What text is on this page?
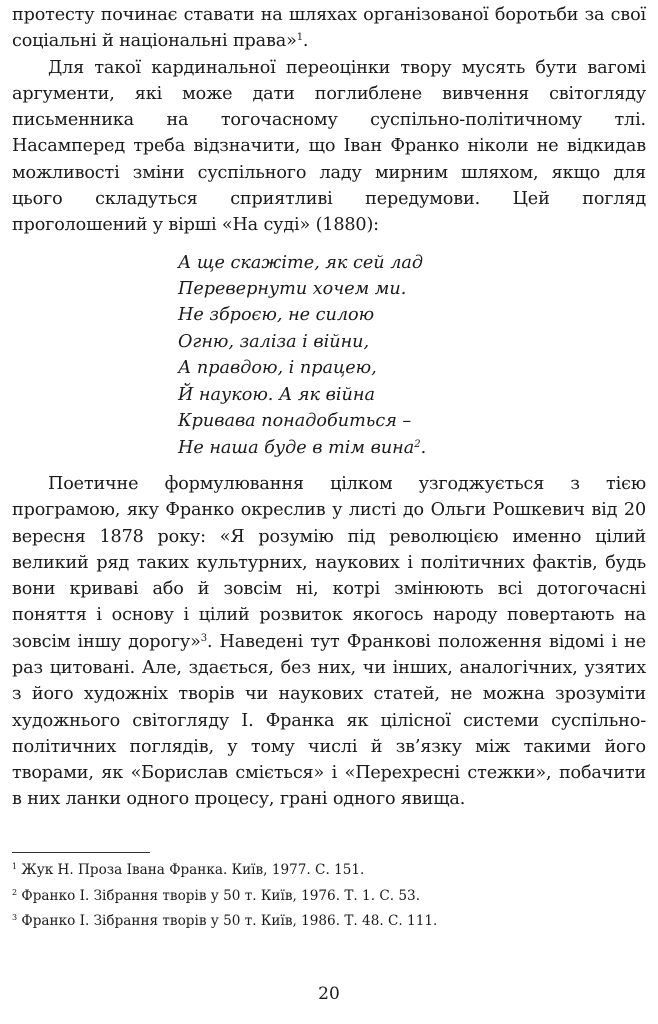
протесту починає ставати на шляхах організованої боротьби за свої соціальні й національні права»$^1$.

Для такої кардинальної переоцінки твору мусять бути вагомі аргументи, які може дати поглиблене вивчення світогляду письменника на тогочасному суспільно-політичному тлі. Насамперед треба відзначити, що Іван Франко ніколи не відкидав можливості зміни суспільного ладу мирним шляхом, якщо для цього складуться сприятливі передумови. Цей погляд проголошений у вірші «На суді» (1880):

А ще скажіте, як сей лад
Перевернути хочем ми.
Не зброєю, не силою
Огню, заліза і війни,
А правдою, і працею,
Й наукою. А як війна
Кривава понадобиться –
Не наша буде в тім вина$^2$.

Поетичне формулювання цілком узгоджується з тією програмою, яку Франко окреслив у листі до Ольги Рошкевич від 20 вересня 1878 року: «Я розумію під революцією именно цілий великий ряд таких культурних, наукових і політичних фактів, будь вони криваві або й зовсім ні, котрі змінюють всі дотогочасні поняття і основу і цілий розвиток якогось народу повертають на зовсім іншу дорогу»$^3$. Наведені тут Франкові положення відомі і не раз цитовані. Але, здається, без них, чи інших, аналогічних, узятих з його художніх творів чи наукових статей, не можна зрозуміти художнього світогляду І. Франка як цілісної системи суспільно-політичних поглядів, у тому числі й зв’язку між такими його творами, як «Борислав сміється» і «Перехресні стежки», побачити в них ланки одного процесу, грані одного явища.

$^1$ Жук Н. Проза Івана Франка. Київ, 1977. С. 151.
$^2$ Франко І. Зібрання творів у 50 т. Київ, 1976. Т. 1. С. 53.
$^3$ Франко І. Зібрання творів у 50 т. Київ, 1986. Т. 48. С. 111.
20
